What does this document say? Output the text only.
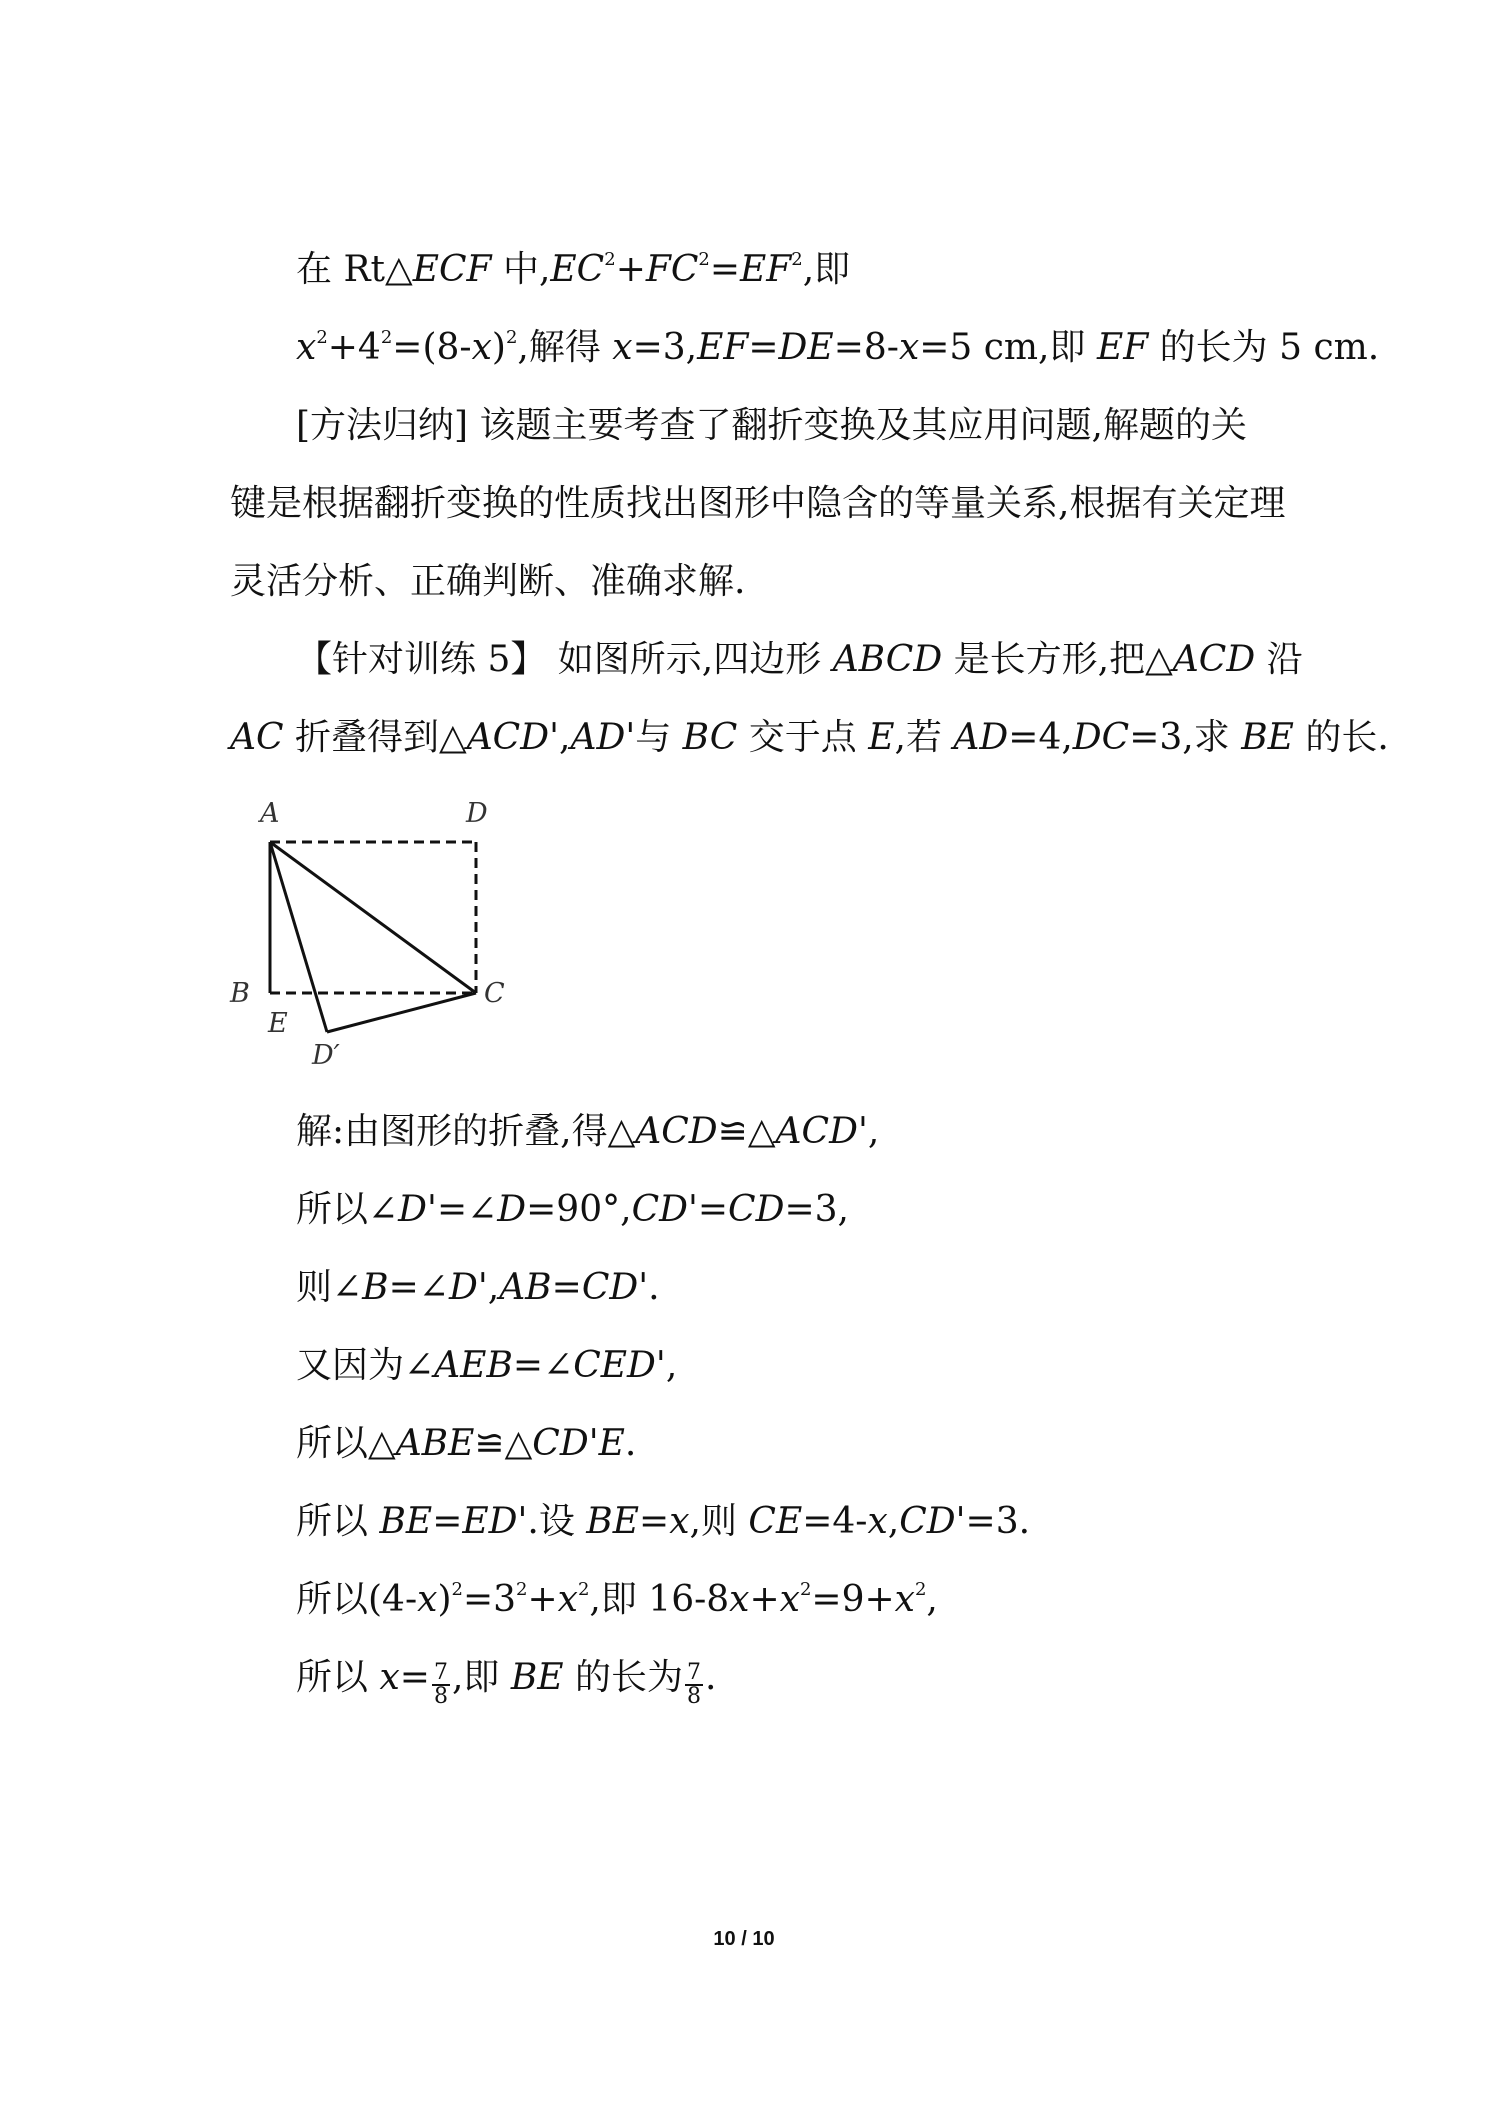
在 Rt△ECF 中$,EC^2+FC^2=EF^2$,即
$x^2+4^2=(8-x)^2$,解得 x=3,EF=DE=8-x=5 cm,即 EF 的长为 5 cm.
[方法归纳] 该题主要考查了翻折变换及其应用问题,解题的关
键是根据翻折变换的性质找出图形中隐含的等量关系,根据有关定理
灵活分析、正确判断、准确求解.
【针对训练 5】 如图所示,四边形 ABCD 是长方形,把△ACD 沿
AC 折叠得到△ACD',AD'与 BC 交于点 E,若 AD=4,DC=3,求 BE 的长.
A	D
B	C
E
D′
解:由图形的折叠,得△ACD≌△ACD',
所以∠D'=∠D=90°,CD'=CD=3,
则∠B=∠D',AB=CD'.
又因为∠AEB=∠CED',
所以△ABE≌△CD'E.
所以 BE=ED'.设 BE=x,则 CE=4-x,CD'=3.
所以$(4-x)^2=3^2+x^2$,即 $16-8x+x^2=9+x^2$,
所以 $x= \frac{7}{8}$ ,即 BE 的长为 $\frac{7}{8}$ .
10 / 10
